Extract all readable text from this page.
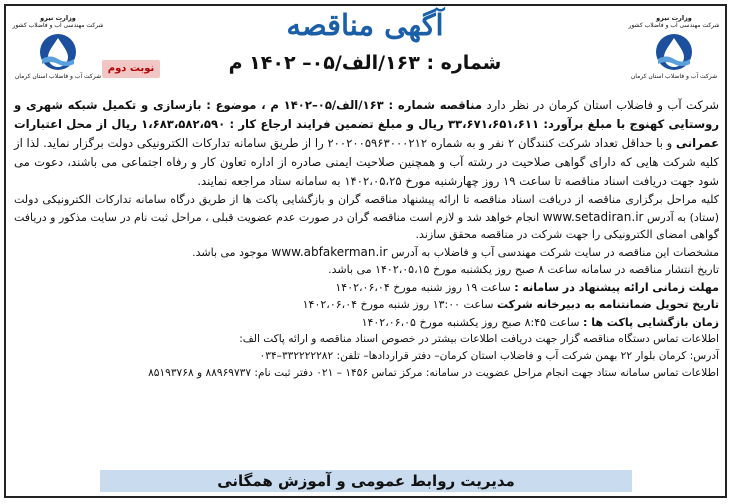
وزارت نیرو
شرکت مهندسی آب و فاضلاب کشور
شرکت آب و فاضلاب استان کرمان
وزارت نیرو
شرکت مهندسی آب و فاضلاب کشور
شرکت آب و فاضلاب استان کرمان
آگهی مناقصه
شماره : ۱۶۳/الف/۰۵– ۱۴۰۲ م
نوبت دوم

شرکت آب و فاضلاب استان کرمان در نظر دارد مناقصه شماره : ۱۶۳/الف/۰۵–۱۴۰۲ م ، موضوع : بازسازی و تکمیل شبکه شهری و روستایی کهنوج با مبلغ برآورد: ۳۳،۶۷۱،۶۵۱،۶۱۱ ریال و مبلغ تضمین فرایند ارجاع کار : ۱،۶۸۳،۵۸۲،۵۹۰ ریال از محل اعتبارات عمرانی و با حداقل تعداد شرکت کنندگان ۲ نفر و به شماره ۲۰۰۲۰۰۵۹۶۳۰۰۰۲۱۲ را از طریق سامانه تدارکات الکترونیکی دولت برگزار نماید. لذا از کلیه شرکت هایی که دارای گواهی صلاحیت در رشته آب و همچنین صلاحیت ایمنی صادره از اداره تعاون کار و رفاه اجتماعی می باشند، دعوت می شود جهت دریافت اسناد مناقصه تا ساعت ۱۹ روز چهارشنبه مورخ ۱۴۰۲،۰۵،۲۵ به سامانه ستاد مراجعه نمایند.

کلیه مراحل برگزاری مناقصه از دریافت اسناد مناقصه تا ارائه پیشنهاد مناقصه گران و بازگشایی پاکت ها از طریق درگاه سامانه تدارکات الکترونیکی دولت (ستاد) به آدرس www.setadiran.ir انجام خواهد شد و لازم است مناقصه گران در صورت عدم عضویت قبلی ، مراحل ثبت نام در سایت مذکور و دریافت گواهی امضای الکترونیکی را جهت شرکت در مناقصه محقق سازند.

مشخصات این مناقصه در سایت شرکت مهندسی آب و فاضلاب به آدرس www.abfakerman.ir موجود می باشد.

تاریخ انتشار مناقصه در سامانه ساعت ۸ صبح روز یکشنبه مورخ ۱۴۰۲،۰۵،۱۵ می باشد.

مهلت زمانی ارائه پیشنهاد در سامانه : ساعت ۱۹ روز شنبه مورخ ۱۴۰۲،۰۶،۰۴

تاریخ تحویل ضمانتنامه به دبیرخانه شرکت ساعت ۱۳:۰۰ روز شنبه مورخ ۱۴۰۲،۰۶،۰۴

زمان بازگشایی پاکت ها : ساعت ۸:۴۵ صبح روز یکشنبه مورخ ۱۴۰۲،۰۶،۰۵

اطلاعات تماس دستگاه مناقصه گزار جهت دریافت اطلاعات بیشتر در خصوص اسناد مناقصه و ارائه پاکت الف:

آدرس: کرمان بلوار ۲۲ بهمن شرکت آب و فاضلاب استان کرمان– دفتر قراردادها– تلفن: ۳۳۲۲۲۲۲۸۲–۰۳۴

اطلاعات تماس سامانه ستاد جهت انجام مراحل عضویت در سامانه: مرکز تماس ۱۴۵۶ – ۰۲۱ دفتر ثبت نام: ۸۸۹۶۹۷۳۷ و ۸۵۱۹۳۷۶۸

مدیریت روابط عمومی و آموزش همگانی
